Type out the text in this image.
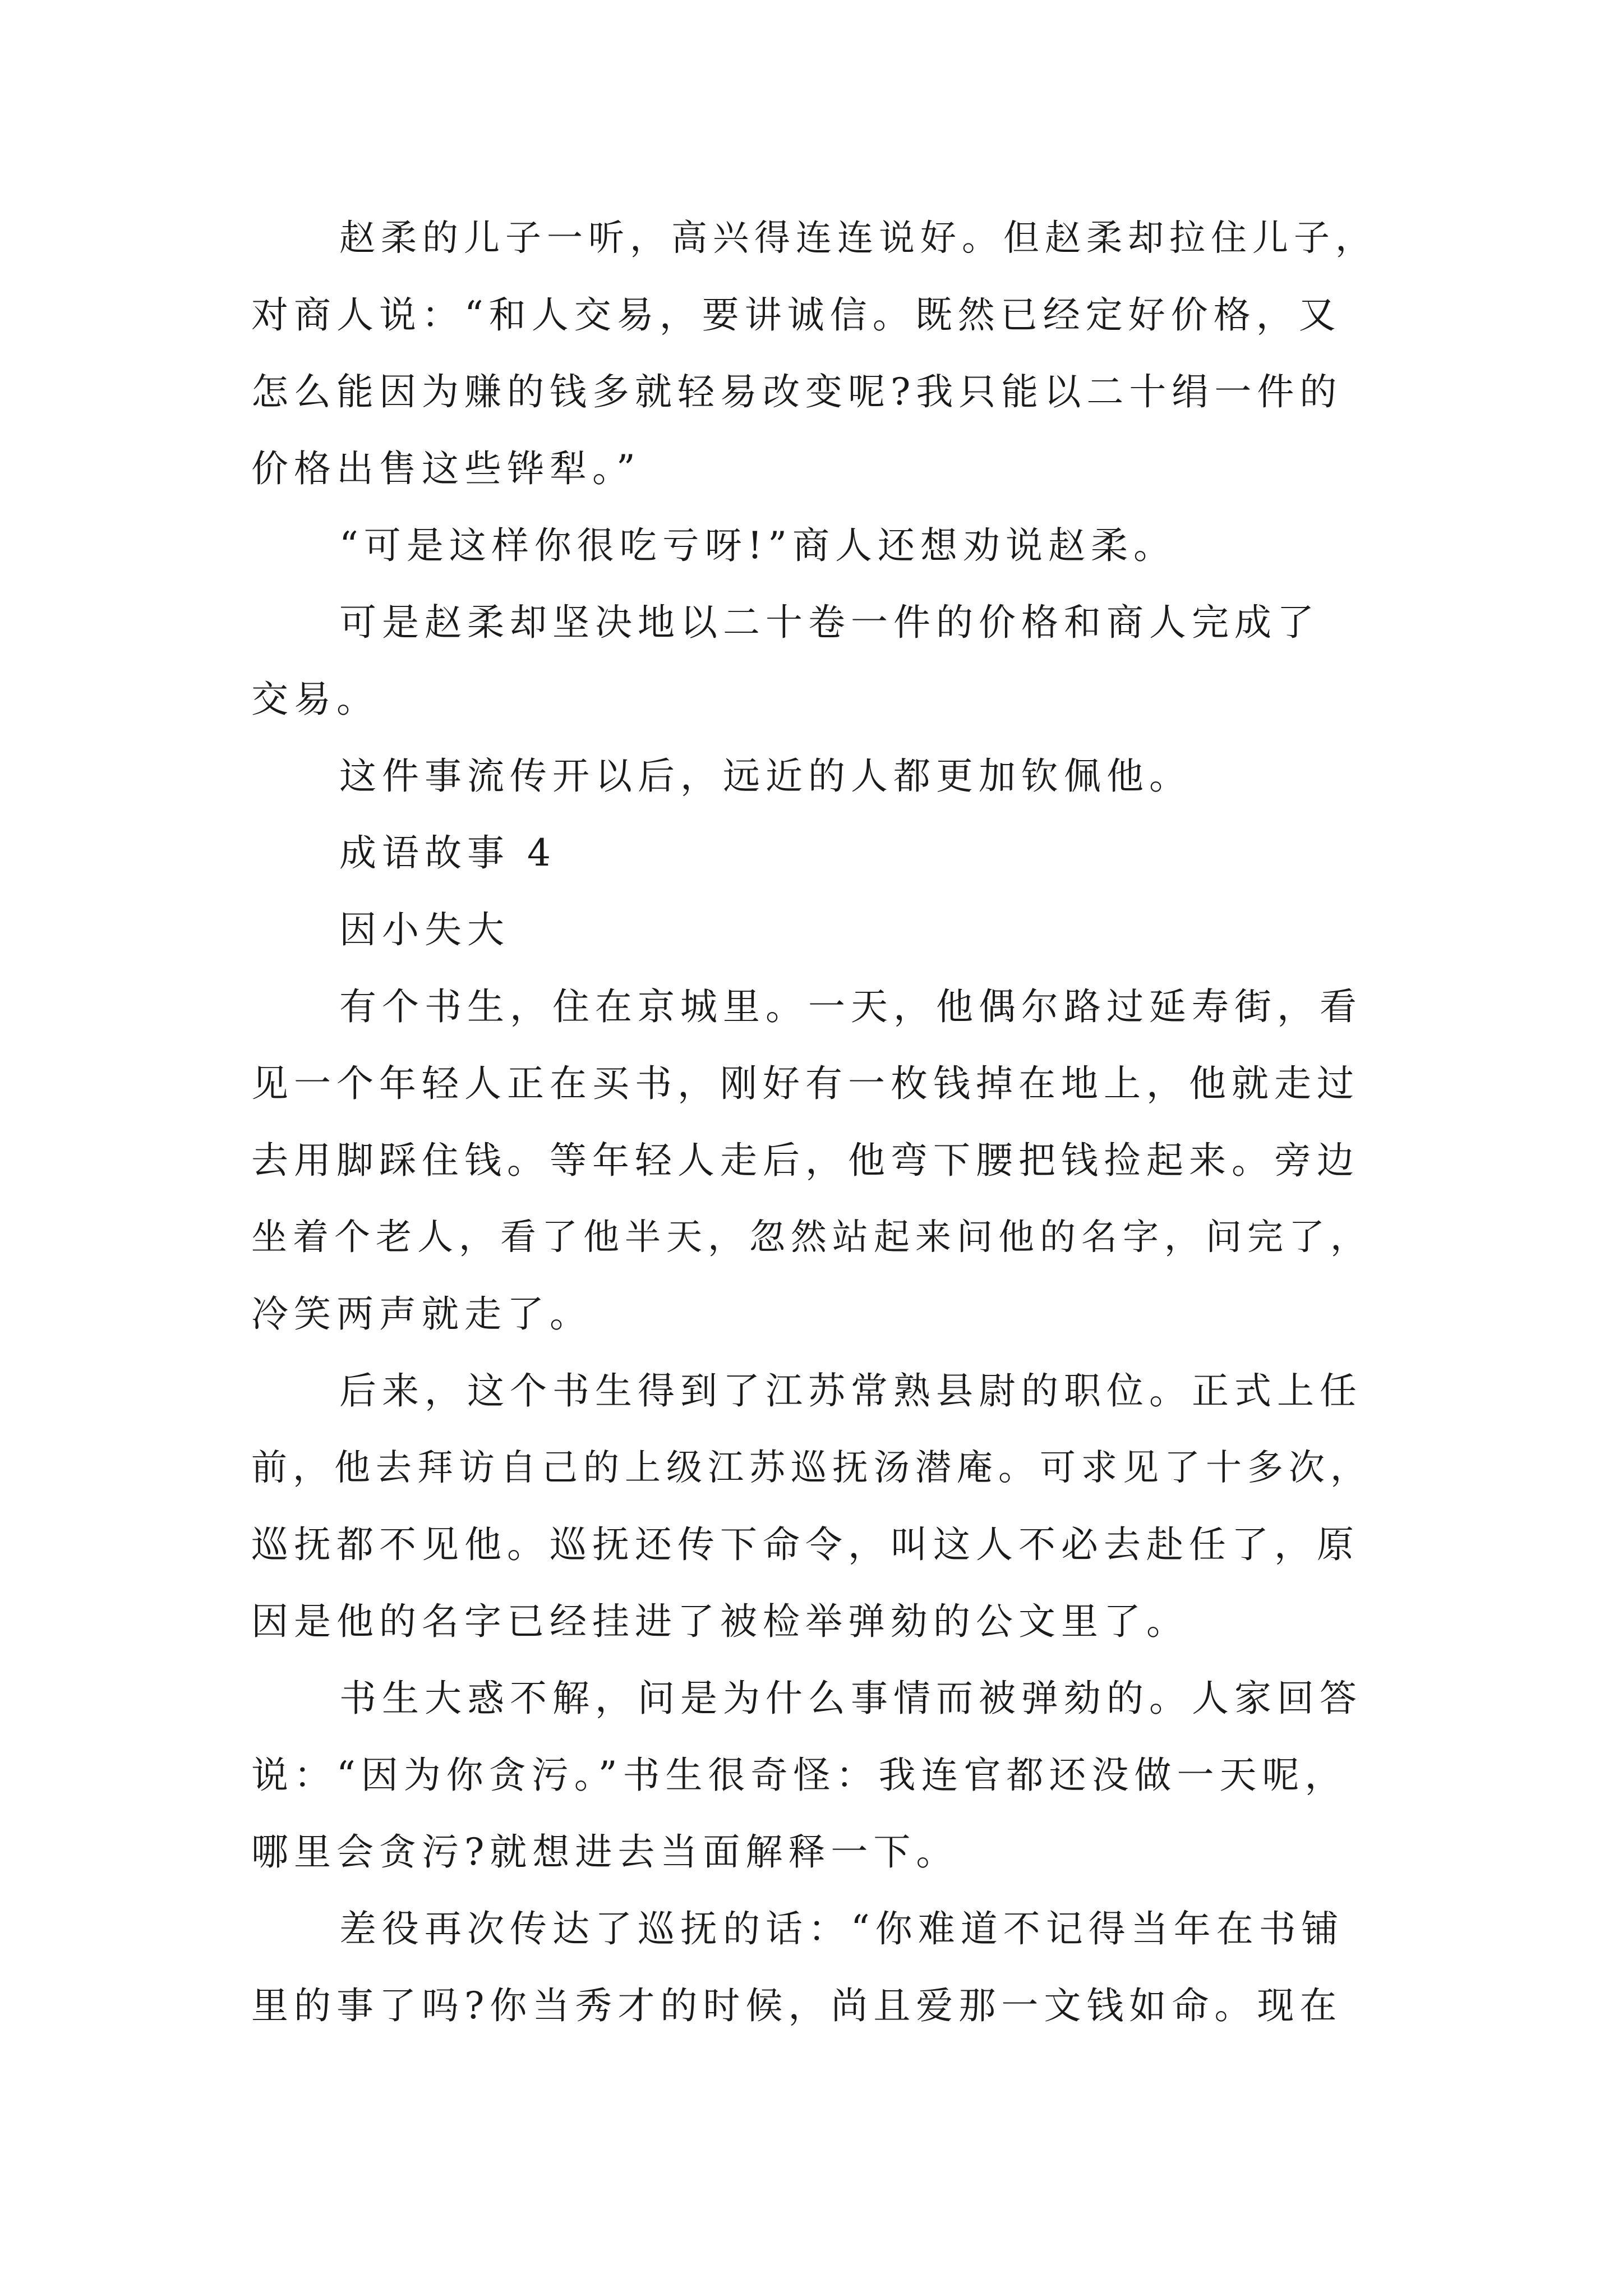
赵柔的儿子一听，高兴得连连说好。但赵柔却拉住儿子，
对商人说：“和人交易，要讲诚信。既然已经定好价格，又
怎么能因为赚的钱多就轻易改变呢?我只能以二十绢一件的
价格出售这些铧犁。”
“可是这样你很吃亏呀!”商人还想劝说赵柔。
可是赵柔却坚决地以二十卷一件的价格和商人完成了
交易。
这件事流传开以后，远近的人都更加钦佩他。
成语故事 4
因小失大
有个书生，住在京城里。一天，他偶尔路过延寿街，看
见一个年轻人正在买书，刚好有一枚钱掉在地上，他就走过
去用脚踩住钱。等年轻人走后，他弯下腰把钱捡起来。旁边
坐着个老人，看了他半天，忽然站起来问他的名字，问完了，
冷笑两声就走了。
后来，这个书生得到了江苏常熟县尉的职位。正式上任
前，他去拜访自己的上级江苏巡抚汤潜庵。可求见了十多次，
巡抚都不见他。巡抚还传下命令，叫这人不必去赴任了，原
因是他的名字已经挂进了被检举弹劾的公文里了。
书生大惑不解，问是为什么事情而被弹劾的。人家回答
说：“因为你贪污。”书生很奇怪：我连官都还没做一天呢，
哪里会贪污?就想进去当面解释一下。
差役再次传达了巡抚的话：“你难道不记得当年在书铺
里的事了吗?你当秀才的时候，尚且爱那一文钱如命。现在
